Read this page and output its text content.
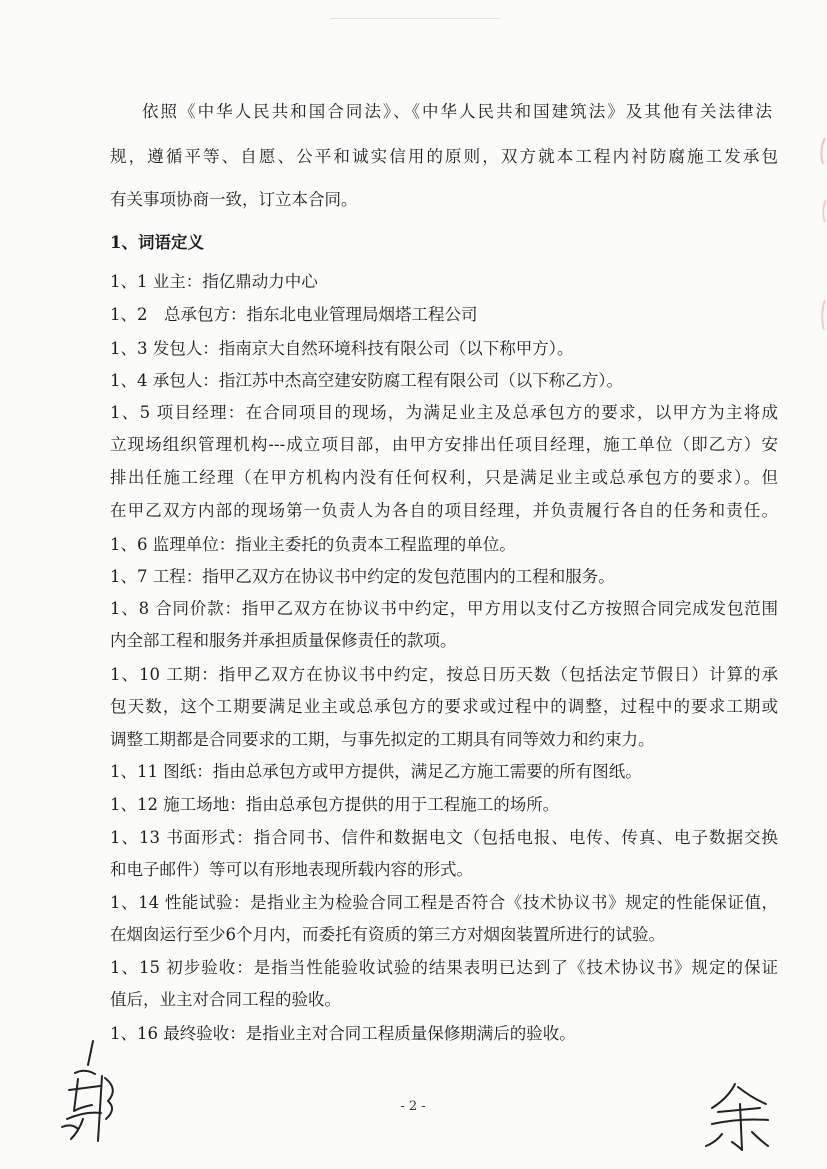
依照《中华人民共和国合同法》、《中华人民共和国建筑法》及其他有关法律法
规，遵循平等、自愿、公平和诚实信用的原则，双方就本工程内衬防腐施工发承包
有关事项协商一致，订立本合同。
1、词语定义
1、1 业主：指亿鼎动力中心
1、2　总承包方：指东北电业管理局烟塔工程公司
1、3 发包人：指南京大自然环境科技有限公司（以下称甲方）。
1、4 承包人：指江苏中杰高空建安防腐工程有限公司（以下称乙方）。
1、5 项目经理：在合同项目的现场，为满足业主及总承包方的要求，以甲方为主将成
立现场组织管理机构---成立项目部，由甲方安排出任项目经理，施工单位（即乙方）安
排出任施工经理（在甲方机构内没有任何权利，只是满足业主或总承包方的要求）。但
在甲乙双方内部的现场第一负责人为各自的项目经理，并负责履行各自的任务和责任。
1、6 监理单位：指业主委托的负责本工程监理的单位。
1、7 工程：指甲乙双方在协议书中约定的发包范围内的工程和服务。
1、8 合同价款：指甲乙双方在协议书中约定，甲方用以支付乙方按照合同完成发包范围
内全部工程和服务并承担质量保修责任的款项。
1、10 工期：指甲乙双方在协议书中约定，按总日历天数（包括法定节假日）计算的承
包天数，这个工期要满足业主或总承包方的要求或过程中的调整，过程中的要求工期或
调整工期都是合同要求的工期，与事先拟定的工期具有同等效力和约束力。
1、11 图纸：指由总承包方或甲方提供，满足乙方施工需要的所有图纸。
1、12 施工场地：指由总承包方提供的用于工程施工的场所。
1、13 书面形式：指合同书、信件和数据电文（包括电报、电传、传真、电子数据交换
和电子邮件）等可以有形地表现所载内容的形式。
1、14 性能试验：是指业主为检验合同工程是否符合《技术协议书》规定的性能保证值，
在烟囱运行至少6个月内，而委托有资质的第三方对烟囱装置所进行的试验。
1、15 初步验收：是指当性能验收试验的结果表明已达到了《技术协议书》规定的保证
值后，业主对合同工程的验收。
1、16 最终验收：是指业主对合同工程质量保修期满后的验收。
- 2 -
